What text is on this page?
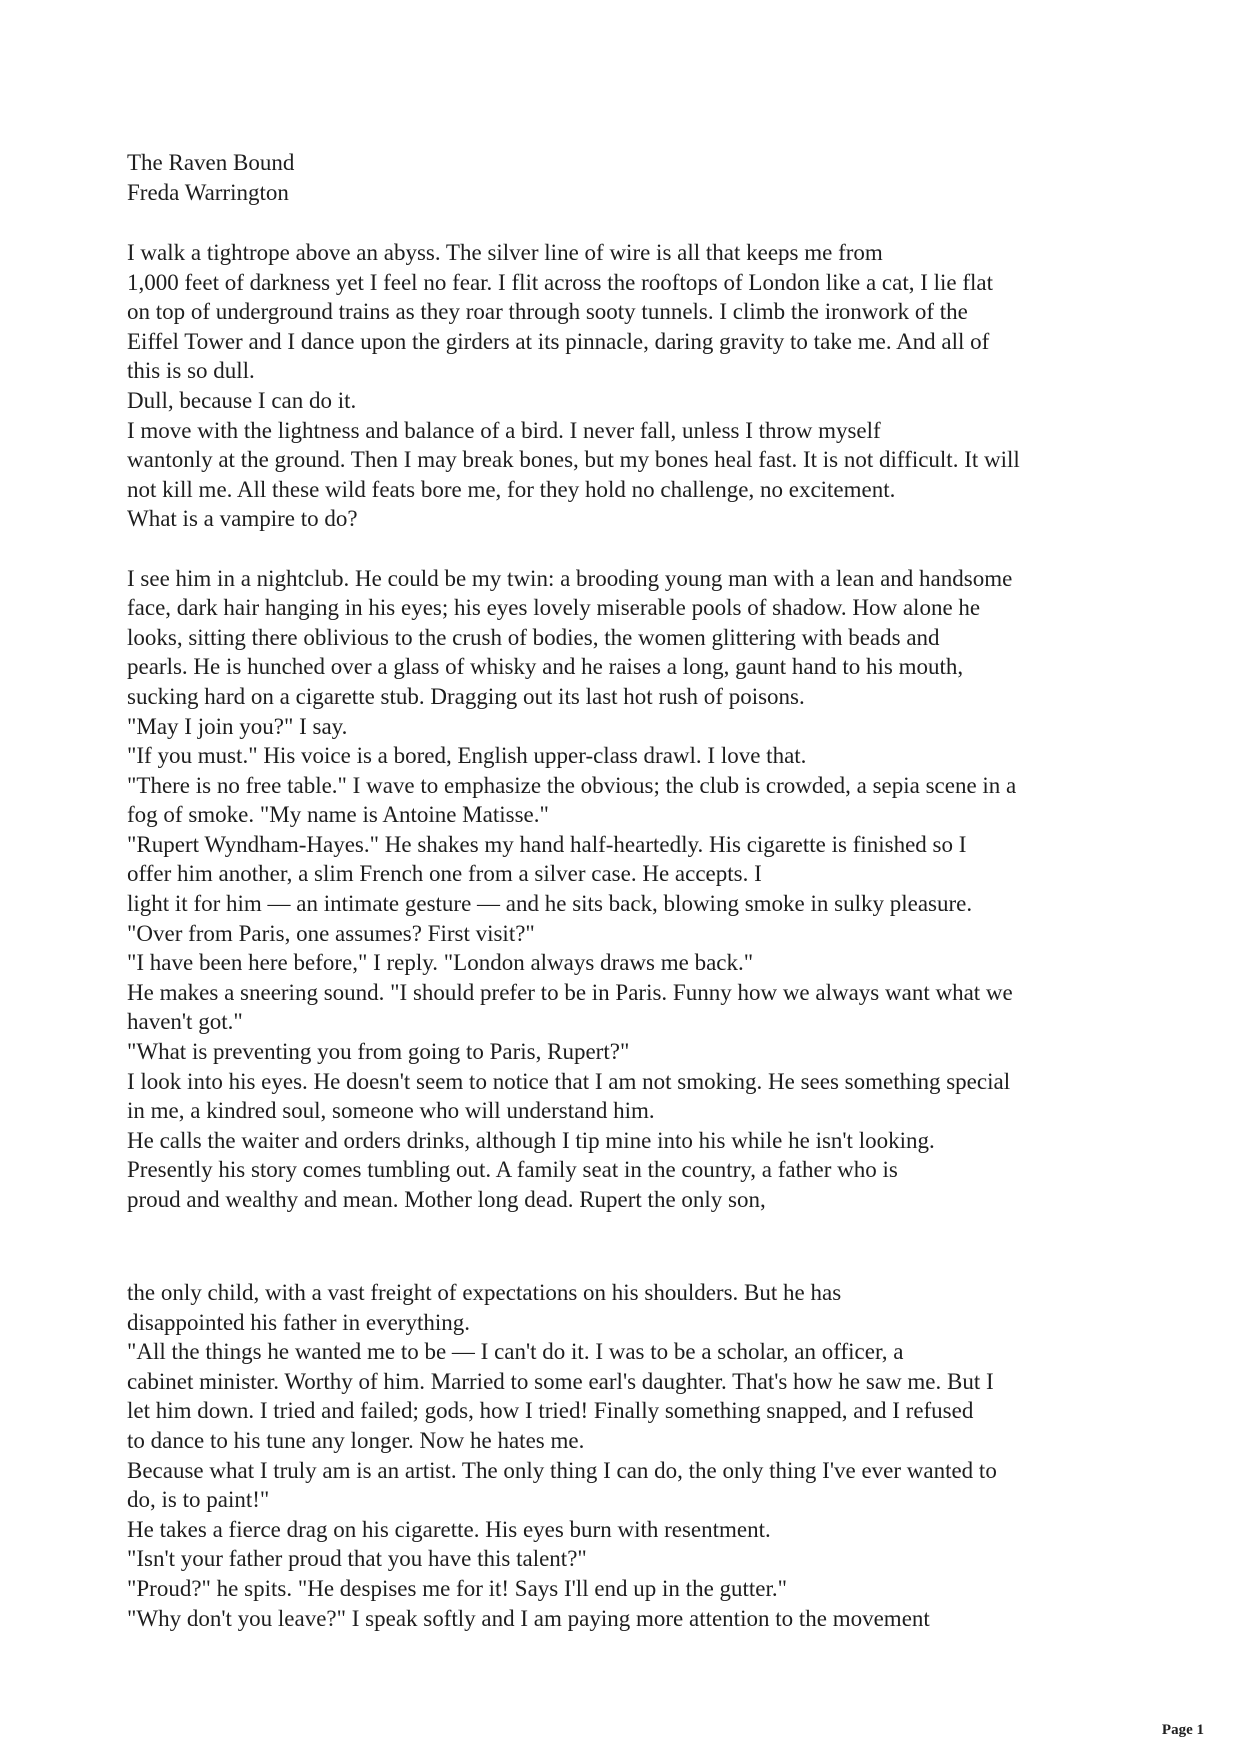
The Raven Bound

Freda Warrington

I walk a tightrope above an abyss. The silver line of wire is all that keeps me from

1,000 feet of darkness yet I feel no fear. I flit across the rooftops of London like a cat, I lie flat

on top of underground trains as they roar through sooty tunnels. I climb the ironwork of the

Eiffel Tower and I dance upon the girders at its pinnacle, daring gravity to take me. And all of

this is so dull.

Dull, because I can do it.

I move with the lightness and balance of a bird. I never fall, unless I throw myself

wantonly at the ground. Then I may break bones, but my bones heal fast. It is not difficult. It will

not kill me. All these wild feats bore me, for they hold no challenge, no excitement.

What is a vampire to do?

I see him in a nightclub. He could be my twin: a brooding young man with a lean and handsome

face, dark hair hanging in his eyes; his eyes lovely miserable pools of shadow. How alone he

looks, sitting there oblivious to the crush of bodies, the women glittering with beads and

pearls. He is hunched over a glass of whisky and he raises a long, gaunt hand to his mouth,

sucking hard on a cigarette stub. Dragging out its last hot rush of poisons.

"May I join you?" I say.

"If you must." His voice is a bored, English upper-class drawl. I love that.

"There is no free table." I wave to emphasize the obvious; the club is crowded, a sepia scene in a

fog of smoke. "My name is Antoine Matisse."

"Rupert Wyndham-Hayes." He shakes my hand half-heartedly. His cigarette is finished so I

offer him another, a slim French one from a silver case. He accepts. I

light it for him — an intimate gesture — and he sits back, blowing smoke in sulky pleasure.

"Over from Paris, one assumes? First visit?"

"I have been here before," I reply. "London always draws me back."

He makes a sneering sound. "I should prefer to be in Paris. Funny how we always want what we

haven't got."

"What is preventing you from going to Paris, Rupert?"

I look into his eyes. He doesn't seem to notice that I am not smoking. He sees something special

in me, a kindred soul, someone who will understand him.

He calls the waiter and orders drinks, although I tip mine into his while he isn't looking.

Presently his story comes tumbling out. A family seat in the country, a father who is

proud and wealthy and mean. Mother long dead. Rupert the only son,

the only child, with a vast freight of expectations on his shoulders. But he has

disappointed his father in everything.

"All the things he wanted me to be — I can't do it. I was to be a scholar, an officer, a

cabinet minister. Worthy of him. Married to some earl's daughter. That's how he saw me. But I

let him down. I tried and failed; gods, how I tried! Finally something snapped, and I refused

to dance to his tune any longer. Now he hates me.

Because what I truly am is an artist. The only thing I can do, the only thing I've ever wanted to

do, is to paint!"

He takes a fierce drag on his cigarette. His eyes burn with resentment.

"Isn't your father proud that you have this talent?"

"Proud?" he spits. "He despises me for it! Says I'll end up in the gutter."

"Why don't you leave?" I speak softly and I am paying more attention to the movement

Page 1
